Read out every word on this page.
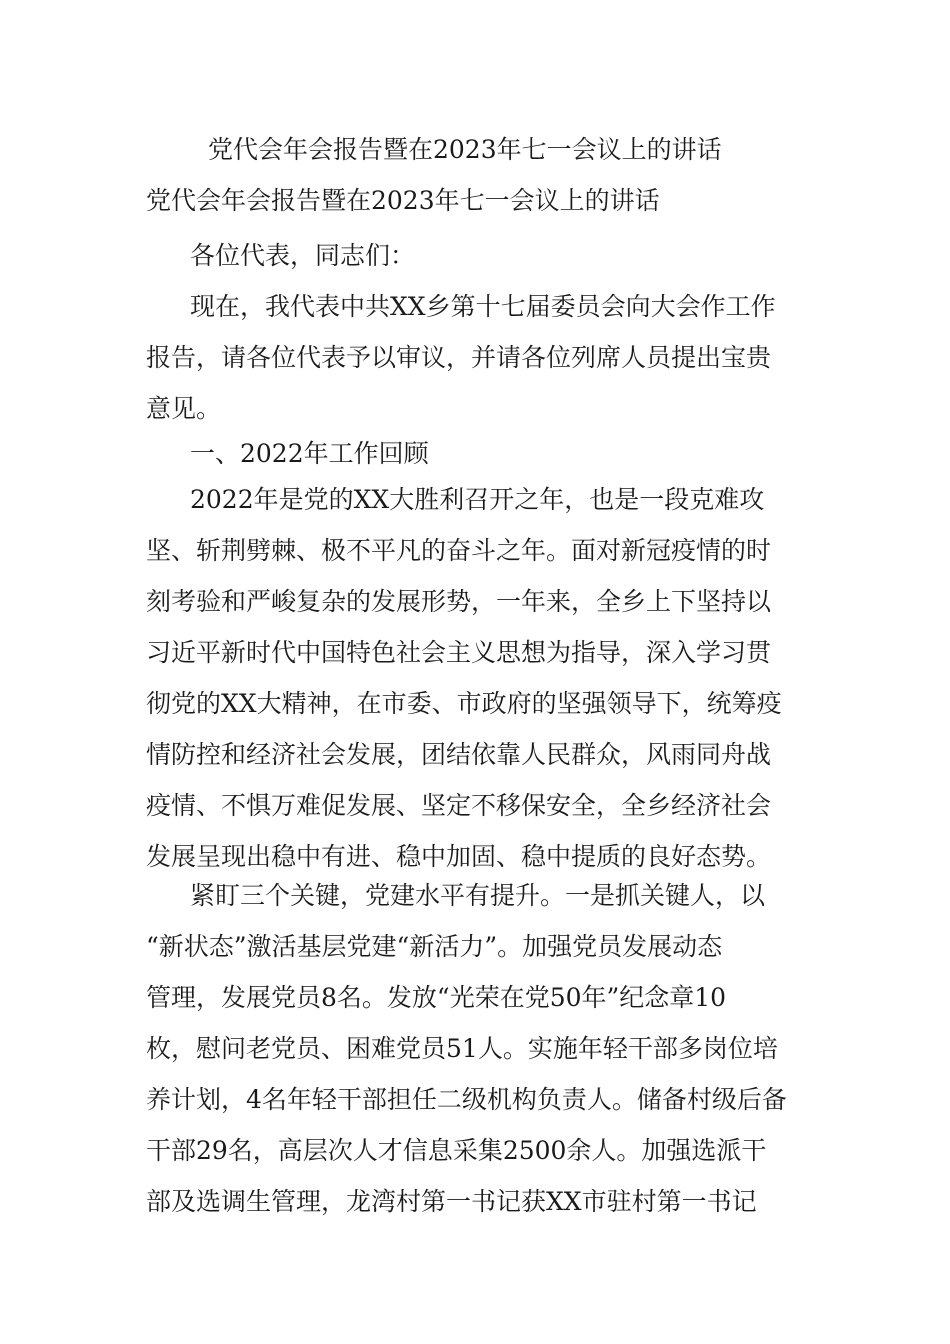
党代会年会报告暨在2023年七一会议上的讲话
党代会年会报告暨在2023年七一会议上的讲话

各位代表，同志们：

现在，我代表中共XX乡第十七届委员会向大会作工作
报告，请各位代表予以审议，并请各位列席人员提出宝贵
意见。

一、2022年工作回顾

2022年是党的XX大胜利召开之年，也是一段克难攻
坚、斩荆劈棘、极不平凡的奋斗之年。面对新冠疫情的时
刻考验和严峻复杂的发展形势，一年来，全乡上下坚持以
习近平新时代中国特色社会主义思想为指导，深入学习贯
彻党的XX大精神，在市委、市政府的坚强领导下，统筹疫
情防控和经济社会发展，团结依靠人民群众，风雨同舟战
疫情、不惧万难促发展、坚定不移保安全，全乡经济社会
发展呈现出稳中有进、稳中加固、稳中提质的良好态势。

紧盯三个关键，党建水平有提升。一是抓关键人，以
“新状态”激活基层党建“新活力”。加强党员发展动态
管理，发展党员8名。发放“光荣在党50年”纪念章10
枚，慰问老党员、困难党员51人。实施年轻干部多岗位培
养计划，4名年轻干部担任二级机构负责人。储备村级后备
干部29名，高层次人才信息采集2500余人。加强选派干
部及选调生管理，龙湾村第一书记获XX市驻村第一书记
